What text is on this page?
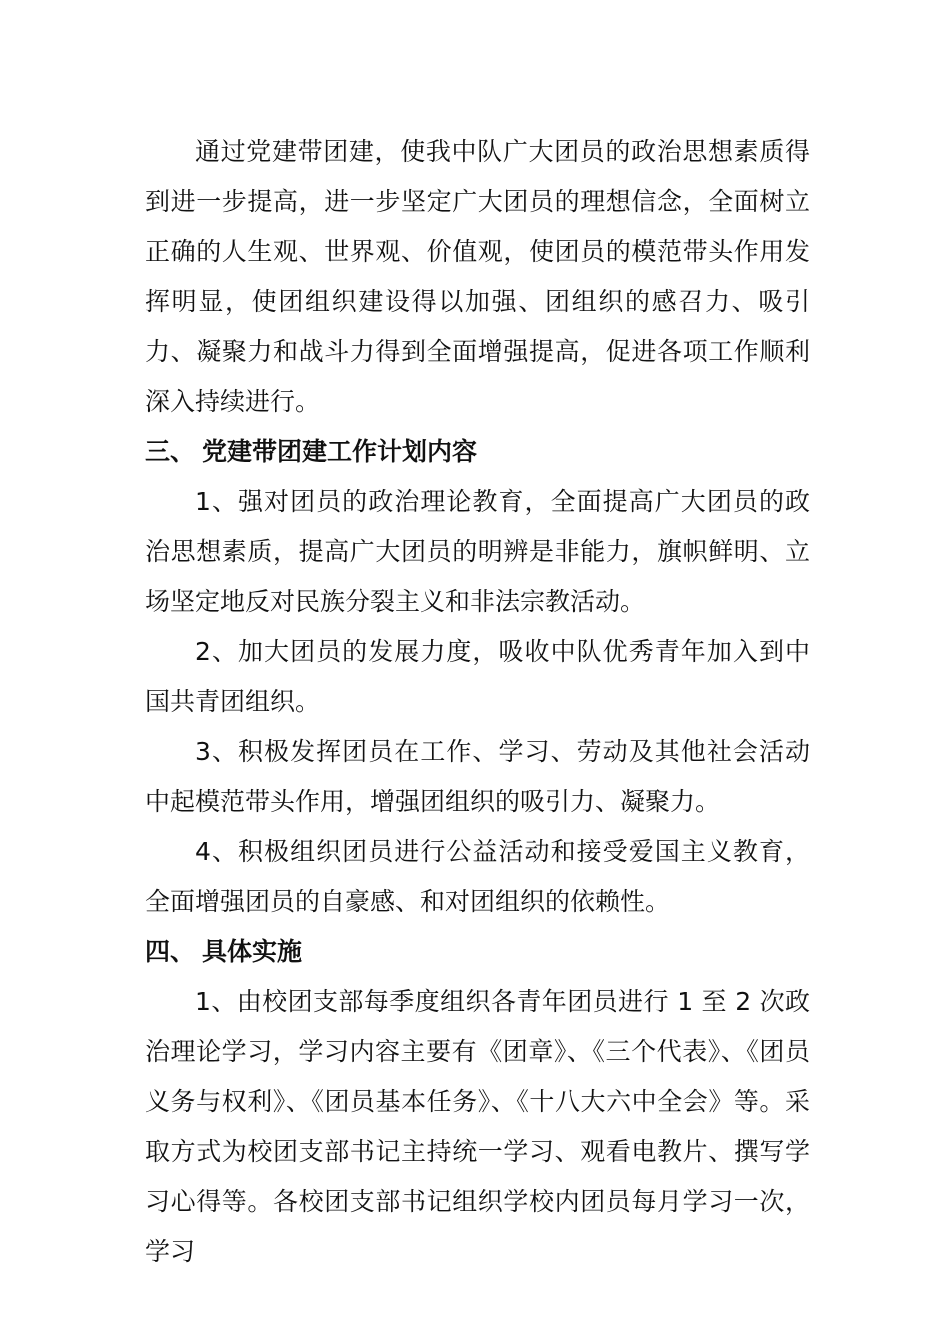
通过党建带团建，使我中队广大团员的政治思想素质得到进一步提高，进一步坚定广大团员的理想信念，全面树立正确的人生观、世界观、价值观，使团员的模范带头作用发挥明显，使团组织建设得以加强、团组织的感召力、吸引力、凝聚力和战斗力得到全面增强提高，促进各项工作顺利深入持续进行。

三、 党建带团建工作计划内容

1、强对团员的政治理论教育，全面提高广大团员的政治思想素质，提高广大团员的明辨是非能力，旗帜鲜明、立场坚定地反对民族分裂主义和非法宗教活动。

2、加大团员的发展力度，吸收中队优秀青年加入到中国共青团组织。

3、积极发挥团员在工作、学习、劳动及其他社会活动中起模范带头作用，增强团组织的吸引力、凝聚力。

4、积极组织团员进行公益活动和接受爱国主义教育，全面增强团员的自豪感、和对团组织的依赖性。

四、 具体实施

1、由校团支部每季度组织各青年团员进行 1 至 2 次政治理论学习，学习内容主要有《团章》、《三个代表》、《团员义务与权利》、《团员基本任务》、《十八大六中全会》等。采取方式为校团支部书记主持统一学习、观看电教片、撰写学习心得等。各校团支部书记组织学校内团员每月学习一次，学习
